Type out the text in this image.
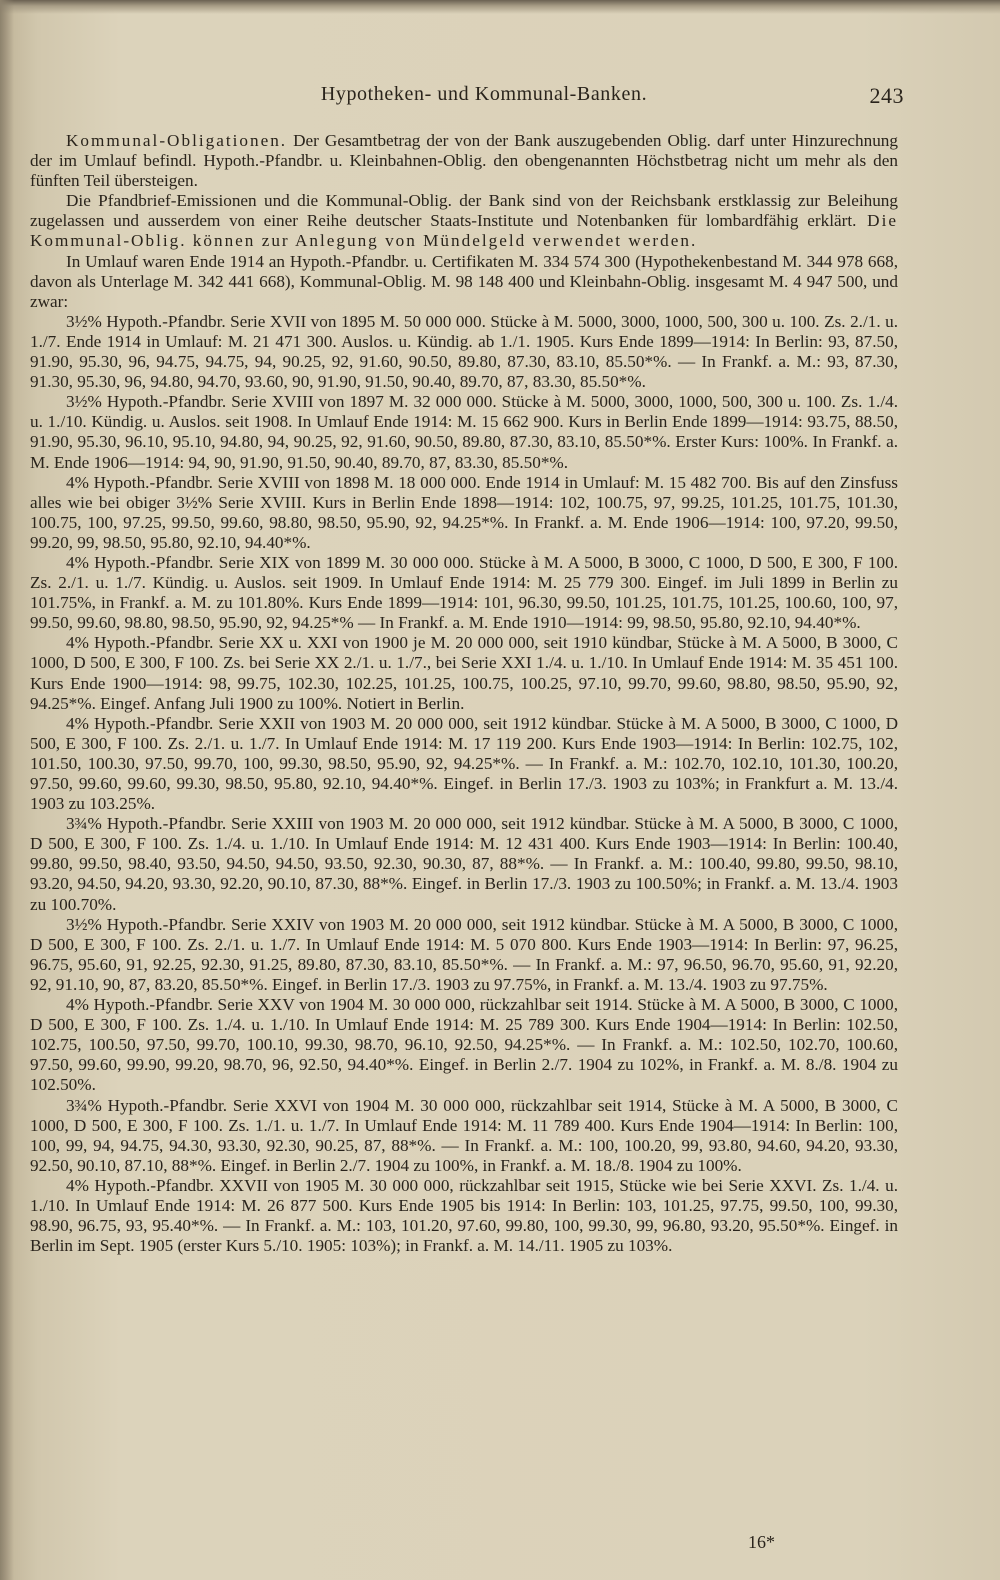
Hypotheken- und Kommunal-Banken.	243

Kommunal-Obligationen. Der Gesamtbetrag der von der Bank auszugebenden Oblig. darf unter Hinzurechnung der im Umlauf befindl. Hypoth.-Pfandbr. u. Kleinbahnen-Oblig. den obengenannten Höchstbetrag nicht um mehr als den fünften Teil übersteigen.

Die Pfandbrief-Emissionen und die Kommunal-Oblig. der Bank sind von der Reichsbank erstklassig zur Beleihung zugelassen und ausserdem von einer Reihe deutscher Staats-Institute und Notenbanken für lombardfähig erklärt. Die Kommunal-Oblig. können zur Anlegung von Mündelgeld verwendet werden.

In Umlauf waren Ende 1914 an Hypoth.-Pfandbr. u. Certifikaten M. 334 574 300 (Hypothekenbestand M. 344 978 668, davon als Unterlage M. 342 441 668), Kommunal-Oblig. M. 98 148 400 und Kleinbahn-Oblig. insgesamt M. 4 947 500, und zwar:

3½% Hypoth.-Pfandbr. Serie XVII von 1895 M. 50 000 000. Stücke à M. 5000, 3000, 1000, 500, 300 u. 100. Zs. 2./1. u. 1./7. Ende 1914 in Umlauf: M. 21 471 300. Auslos. u. Kündig. ab 1./1. 1905. Kurs Ende 1899—1914: In Berlin: 93, 87.50, 91.90, 95.30, 96, 94.75, 94.75, 94, 90.25, 92, 91.60, 90.50, 89.80, 87.30, 83.10, 85.50*%. — In Frankf. a. M.: 93, 87.30, 91.30, 95.30, 96, 94.80, 94.70, 93.60, 90, 91.90, 91.50, 90.40, 89.70, 87, 83.30, 85.50*%.

3½% Hypoth.-Pfandbr. Serie XVIII von 1897 M. 32 000 000. Stücke à M. 5000, 3000, 1000, 500, 300 u. 100. Zs. 1./4. u. 1./10. Kündig. u. Auslos. seit 1908. In Umlauf Ende 1914: M. 15 662 900. Kurs in Berlin Ende 1899—1914: 93.75, 88.50, 91.90, 95.30, 96.10, 95.10, 94.80, 94, 90.25, 92, 91.60, 90.50, 89.80, 87.30, 83.10, 85.50*%. Erster Kurs: 100%. In Frankf. a. M. Ende 1906—1914: 94, 90, 91.90, 91.50, 90.40, 89.70, 87, 83.30, 85.50*%.

4% Hypoth.-Pfandbr. Serie XVIII von 1898 M. 18 000 000. Ende 1914 in Umlauf: M. 15 482 700. Bis auf den Zinsfuss alles wie bei obiger 3½% Serie XVIII. Kurs in Berlin Ende 1898—1914: 102, 100.75, 97, 99.25, 101.25, 101.75, 101.30, 100.75, 100, 97.25, 99.50, 99.60, 98.80, 98.50, 95.90, 92, 94.25*%. In Frankf. a. M. Ende 1906—1914: 100, 97.20, 99.50, 99.20, 99, 98.50, 95.80, 92.10, 94.40*%.

4% Hypoth.-Pfandbr. Serie XIX von 1899 M. 30 000 000. Stücke à M. A 5000, B 3000, C 1000, D 500, E 300, F 100. Zs. 2./1. u. 1./7. Kündig. u. Auslos. seit 1909. In Umlauf Ende 1914: M. 25 779 300. Eingef. im Juli 1899 in Berlin zu 101.75%, in Frankf. a. M. zu 101.80%. Kurs Ende 1899—1914: 101, 96.30, 99.50, 101.25, 101.75, 101.25, 100.60, 100, 97, 99.50, 99.60, 98.80, 98.50, 95.90, 92, 94.25*% — In Frankf. a. M. Ende 1910—1914: 99, 98.50, 95.80, 92.10, 94.40*%.

4% Hypoth.-Pfandbr. Serie XX u. XXI von 1900 je M. 20 000 000, seit 1910 kündbar, Stücke à M. A 5000, B 3000, C 1000, D 500, E 300, F 100. Zs. bei Serie XX 2./1. u. 1./7., bei Serie XXI 1./4. u. 1./10. In Umlauf Ende 1914: M. 35 451 100. Kurs Ende 1900—1914: 98, 99.75, 102.30, 102.25, 101.25, 100.75, 100.25, 97.10, 99.70, 99.60, 98.80, 98.50, 95.90, 92, 94.25*%. Eingef. Anfang Juli 1900 zu 100%. Notiert in Berlin.

4% Hypoth.-Pfandbr. Serie XXII von 1903 M. 20 000 000, seit 1912 kündbar. Stücke à M. A 5000, B 3000, C 1000, D 500, E 300, F 100. Zs. 2./1. u. 1./7. In Umlauf Ende 1914: M. 17 119 200. Kurs Ende 1903—1914: In Berlin: 102.75, 102, 101.50, 100.30, 97.50, 99.70, 100, 99.30, 98.50, 95.90, 92, 94.25*%. — In Frankf. a. M.: 102.70, 102.10, 101.30, 100.20, 97.50, 99.60, 99.60, 99.30, 98.50, 95.80, 92.10, 94.40*%. Eingef. in Berlin 17./3. 1903 zu 103%; in Frankfurt a. M. 13./4. 1903 zu 103.25%.

3¾% Hypoth.-Pfandbr. Serie XXIII von 1903 M. 20 000 000, seit 1912 kündbar. Stücke à M. A 5000, B 3000, C 1000, D 500, E 300, F 100. Zs. 1./4. u. 1./10. In Umlauf Ende 1914: M. 12 431 400. Kurs Ende 1903—1914: In Berlin: 100.40, 99.80, 99.50, 98.40, 93.50, 94.50, 94.50, 93.50, 92.30, 90.30, 87, 88*%. — In Frankf. a. M.: 100.40, 99.80, 99.50, 98.10, 93.20, 94.50, 94.20, 93.30, 92.20, 90.10, 87.30, 88*%. Eingef. in Berlin 17./3. 1903 zu 100.50%; in Frankf. a. M. 13./4. 1903 zu 100.70%.

3½% Hypoth.-Pfandbr. Serie XXIV von 1903 M. 20 000 000, seit 1912 kündbar. Stücke à M. A 5000, B 3000, C 1000, D 500, E 300, F 100. Zs. 2./1. u. 1./7. In Umlauf Ende 1914: M. 5 070 800. Kurs Ende 1903—1914: In Berlin: 97, 96.25, 96.75, 95.60, 91, 92.25, 92.30, 91.25, 89.80, 87.30, 83.10, 85.50*%. — In Frankf. a. M.: 97, 96.50, 96.70, 95.60, 91, 92.20, 92, 91.10, 90, 87, 83.20, 85.50*%. Eingef. in Berlin 17./3. 1903 zu 97.75%, in Frankf. a. M. 13./4. 1903 zu 97.75%.

4% Hypoth.-Pfandbr. Serie XXV von 1904 M. 30 000 000, rückzahlbar seit 1914. Stücke à M. A 5000, B 3000, C 1000, D 500, E 300, F 100. Zs. 1./4. u. 1./10. In Umlauf Ende 1914: M. 25 789 300. Kurs Ende 1904—1914: In Berlin: 102.50, 102.75, 100.50, 97.50, 99.70, 100.10, 99.30, 98.70, 96.10, 92.50, 94.25*%. — In Frankf. a. M.: 102.50, 102.70, 100.60, 97.50, 99.60, 99.90, 99.20, 98.70, 96, 92.50, 94.40*%. Eingef. in Berlin 2./7. 1904 zu 102%, in Frankf. a. M. 8./8. 1904 zu 102.50%.

3¾% Hypoth.-Pfandbr. Serie XXVI von 1904 M. 30 000 000, rückzahlbar seit 1914, Stücke à M. A 5000, B 3000, C 1000, D 500, E 300, F 100. Zs. 1./1. u. 1./7. In Umlauf Ende 1914: M. 11 789 400. Kurs Ende 1904—1914: In Berlin: 100, 100, 99, 94, 94.75, 94.30, 93.30, 92.30, 90.25, 87, 88*%. — In Frankf. a. M.: 100, 100.20, 99, 93.80, 94.60, 94.20, 93.30, 92.50, 90.10, 87.10, 88*%. Eingef. in Berlin 2./7. 1904 zu 100%, in Frankf. a. M. 18./8. 1904 zu 100%.

4% Hypoth.-Pfandbr. XXVII von 1905 M. 30 000 000, rückzahlbar seit 1915, Stücke wie bei Serie XXVI. Zs. 1./4. u. 1./10. In Umlauf Ende 1914: M. 26 877 500. Kurs Ende 1905 bis 1914: In Berlin: 103, 101.25, 97.75, 99.50, 100, 99.30, 98.90, 96.75, 93, 95.40*%. — In Frankf. a. M.: 103, 101.20, 97.60, 99.80, 100, 99.30, 99, 96.80, 93.20, 95.50*%. Eingef. in Berlin im Sept. 1905 (erster Kurs 5./10. 1905: 103%); in Frankf. a. M. 14./11. 1905 zu 103%.

16*
